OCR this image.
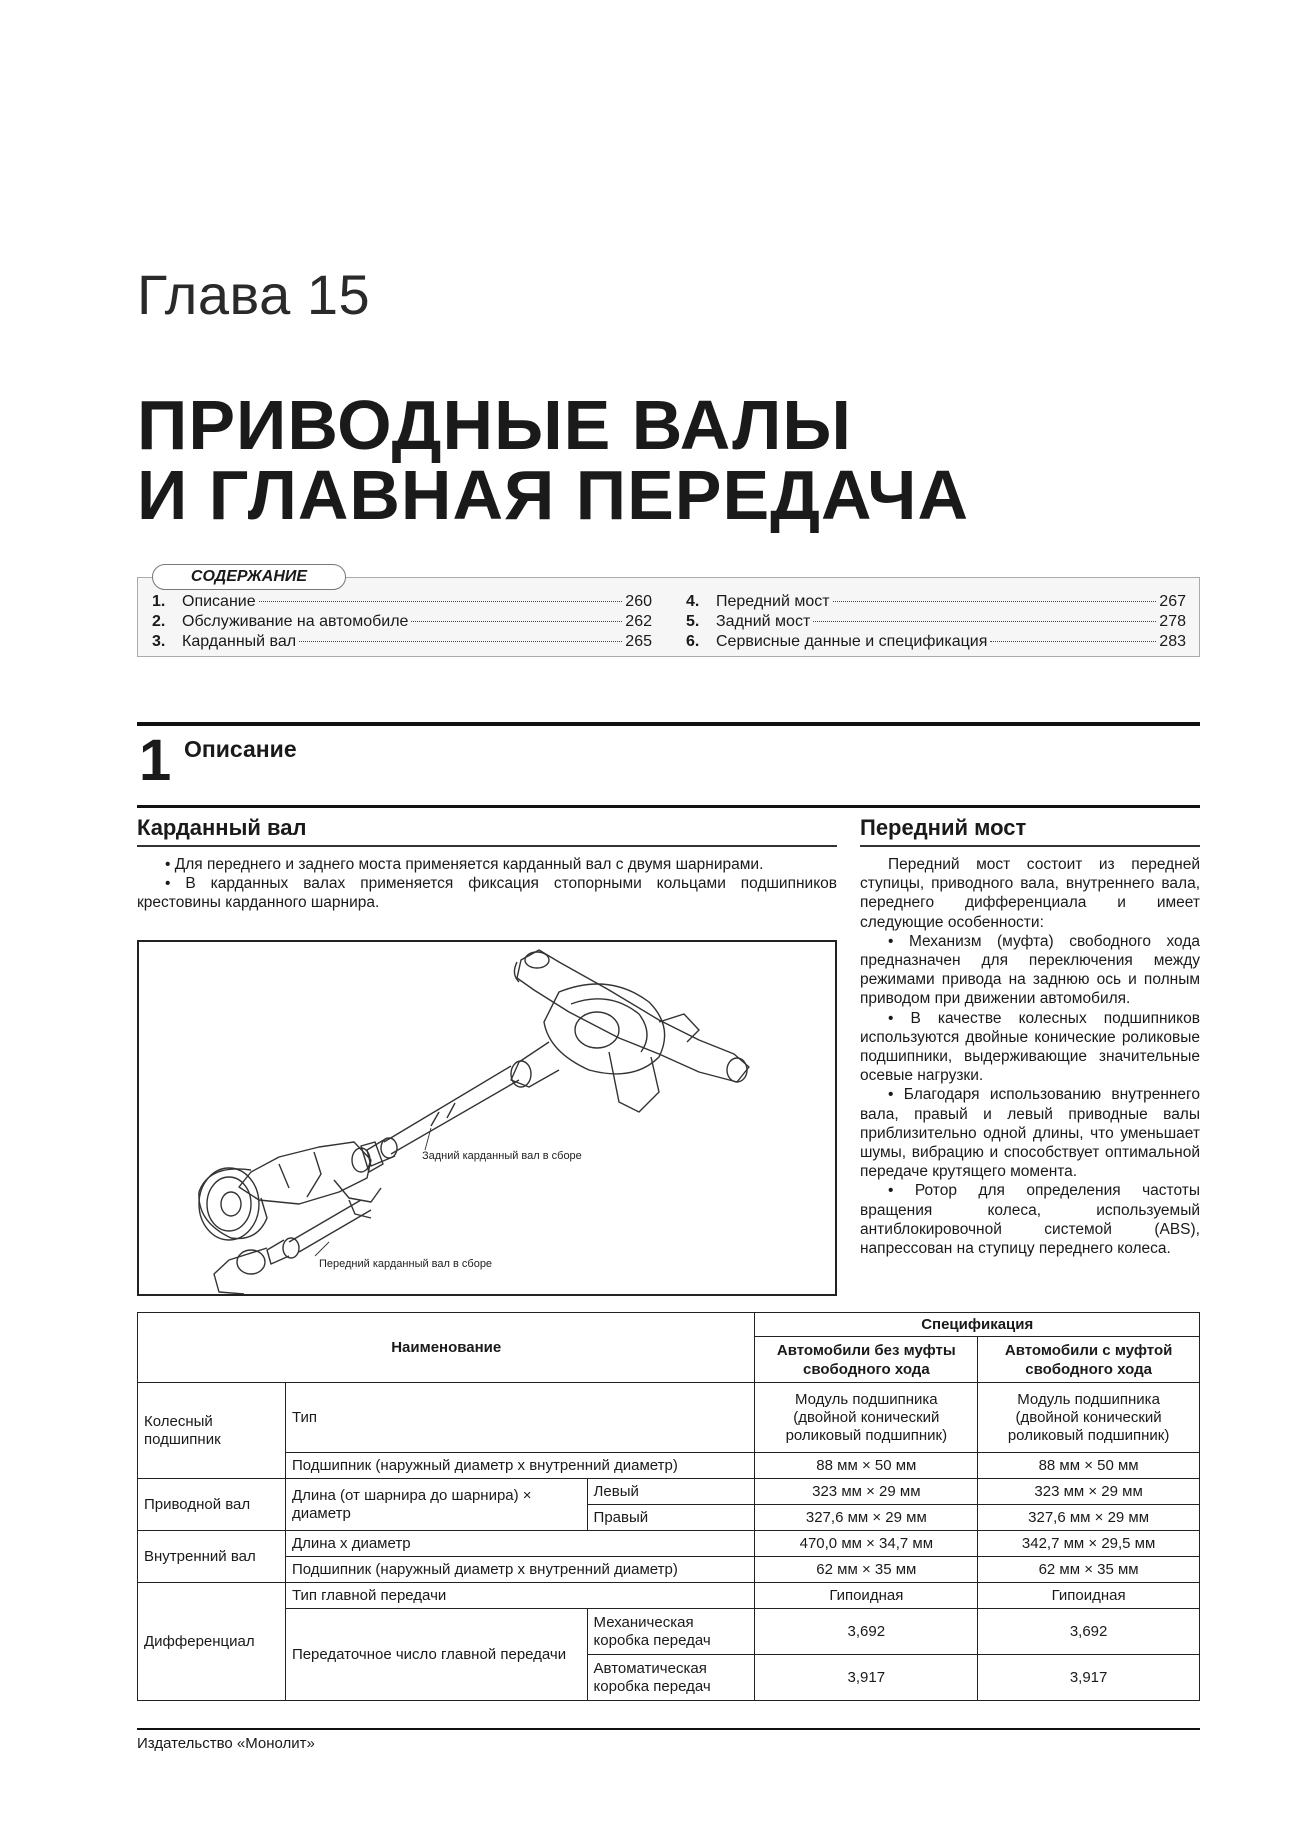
Глава 15
ПРИВОДНЫЕ ВАЛЫ
И ГЛАВНАЯ ПЕРЕДАЧА
СОДЕРЖАНИЕ
1.	Описание	260
2.	Обслуживание на автомобиле	262
3.	Карданный вал	265
4.	Передний мост	267
5.	Задний мост	278
6.	Сервисные данные и спецификация	283
1 Описание
Карданный вал

• Для переднего и заднего моста применяется карданный вал с двумя шарнирами.

• В карданных валах применяется фиксация стопорными кольцами подшипников крестовины карданного шарнира.

Задний карданный вал в сборе
Передний карданный вал в сборе
Передний мост

Передний мост состоит из передней ступицы, приводного вала, внутреннего вала, переднего дифференциала и имеет следующие особенности:

• Механизм (муфта) свободного хода предназначен для переключения между режимами привода на заднюю ось и полным приводом при движении автомобиля.

• В качестве колесных подшипников используются двойные конические роликовые подшипники, выдерживающие значительные осевые нагрузки.

• Благодаря использованию внутреннего вала, правый и левый приводные валы приблизительно одной длины, что уменьшает шумы, вибрацию и способствует оптимальной передаче крутящего момента.

• Ротор для определения частоты вращения колеса, используемый антиблокировочной системой (ABS), напрессован на ступицу переднего колеса.

Наименование			Спецификация	
			Автомобили без муфты свободного хода	Автомобили с муфтой свободного хода
Колесный подшипник	Тип		Модуль подшипника (двойной конический роликовый подшипник)	Модуль подшипника (двойной конический роликовый подшипник)
	Подшипник (наружный диаметр х внутренний диаметр)		88 мм × 50 мм	88 мм × 50 мм
Приводной вал	Длина (от шарнира до шарнира) × диаметр	Левый	323 мм × 29 мм	323 мм × 29 мм
		Правый	327,6 мм × 29 мм	327,6 мм × 29 мм
Внутренний вал	Длина х диаметр		470,0 мм × 34,7 мм	342,7 мм × 29,5 мм
	Подшипник (наружный диаметр х внутренний диаметр)		62 мм × 35 мм	62 мм × 35 мм
Дифференциал	Тип главной передачи		Гипоидная	Гипоидная
	Передаточное число главной передачи	Механическая коробка передач	3,692	3,692
		Автоматическая коробка передач	3,917	3,917
Издательство «Монолит»
